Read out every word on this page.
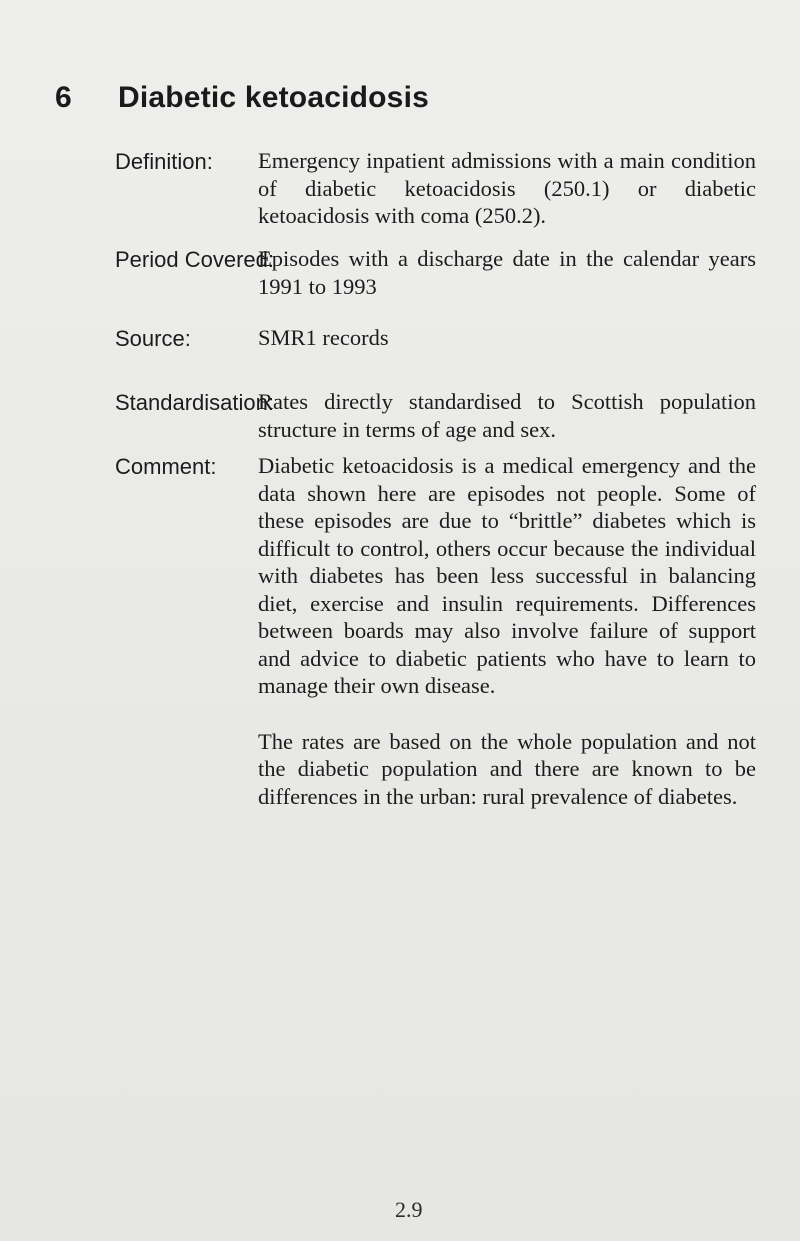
6 Diabetic ketoacidosis
Definition: Emergency inpatient admissions with a main condition of diabetic ketoacidosis (250.1) or diabetic ketoacidosis with coma (250.2).

Period Covered:

Episodes with a discharge date in the calendar years 1991 to 1993

Source:	SMR1 records

Standardisation:

Rates directly standardised to Scottish population structure in terms of age and sex.

Comment: Diabetic ketoacidosis is a medical emergency and the data shown here are episodes not people. Some of these episodes are due to “brittle” diabetes which is difficult to control, others occur because the individual with diabetes has been less successful in balancing diet, exercise and insulin requirements. Differences between boards may also involve failure of support and advice to diabetic patients who have to learn to manage their own disease.

The rates are based on the whole population and not the diabetic population and there are known to be differences in the urban: rural prevalence of diabetes.

2.9
